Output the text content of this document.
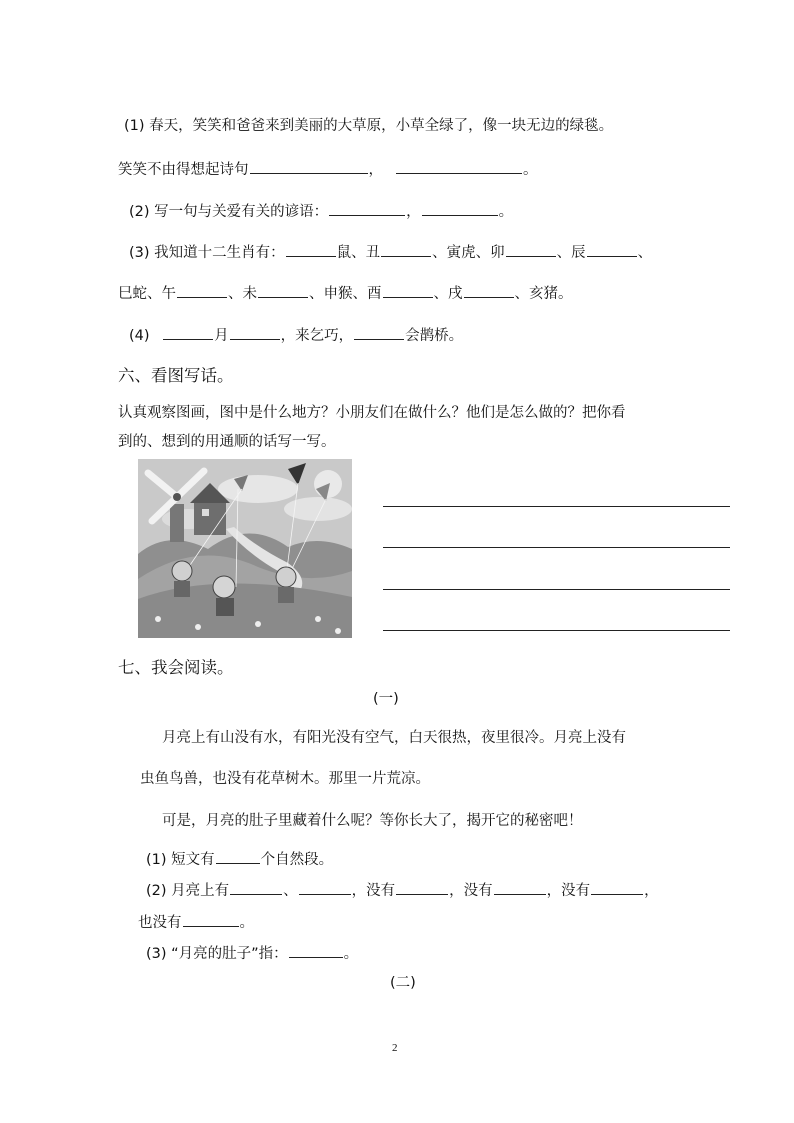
(1) 春天，笑笑和爸爸来到美丽的大草原，小草全绿了，像一块无边的绿毯。
笑笑不由得想起诗句	，	。
(2) 写一句与关爱有关的谚语：	，	。
(3) 我知道十二生肖有：	鼠、丑	、寅虎、卯	、辰	、
巳蛇、午	、未	、申猴、酉	、戌	、亥猪。
(4)	月	，来乞巧，	会鹊桥。
六、看图写话。
认真观察图画，图中是什么地方？小朋友们在做什么？他们是怎么做的？把你看
到的、想到的用通顺的话写一写。
七、我会阅读。
(一)
月亮上有山没有水，有阳光没有空气，白天很热，夜里很冷。月亮上没有
虫鱼鸟兽，也没有花草树木。那里一片荒凉。
可是，月亮的肚子里藏着什么呢？等你长大了，揭开它的秘密吧！
(1) 短文有	个自然段。
(2) 月亮上有	、	，没有	，没有	，没有	，
也没有	。
(3) “月亮的肚子”指：	。
(二)
2
